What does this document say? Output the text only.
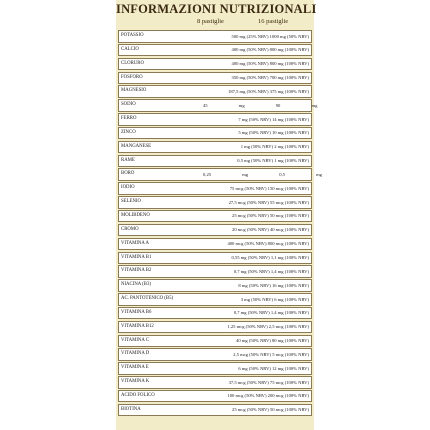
INFORMAZIONI NUTRIZIONALI
8 pastiglie	16 pastiglie
POTASSIO	500 mg (25% NRV) 1000 mg (50% NRV)
CALCIO	400 mg (50% NRV) 800 mg (100% NRV)
CLORURO	400 mg (50% NRV) 800 mg (100% NRV)
FOSFORO	350 mg (50% NRV) 700 mg (100% NRV)
MAGNESIO	187,5 mg (50% NRV) 375 mg (100% NRV)
SODIO	45 mg 90 mg
FERRO	7 mg (50% NRV) 14 mg (100% NRV)
ZINCO	5 mg (50% NRV) 10 mg (100% NRV)
MANGANESE	1 mg (50% NRV) 2 mg (100% NRV)
RAME	0,5 mg (50% NRV) 1 mg (100% NRV)
BORO	0,25 mg 0,5 mg
IODIO	75 mcg (50% NRV) 150 mcg (100% NRV)
SELENIO	27,5 mcg (50% NRV) 55 mcg (100% NRV)
MOLIBDENO	25 mcg (50% NRV) 50 mcg (100% NRV)
CROMO	20 mcg (50% NRV) 40 mcg (100% NRV)
VITAMINA A	400 mcg (50% NRV) 800 mcg (100% NRV)
VITAMINA B1	0,55 mg (50% NRV) 1,1 mg (100% NRV)
VITAMINA B2	0,7 mg (50% NRV) 1,4 mg (100% NRV)
NIACINA (B3)	8 mg (50% NRV) 16 mg (100% NRV)
AC. PANTOTENICO (B5)	3 mg (50% NRV) 6 mg (100% NRV)
VITAMINA B6	0,7 mg (50% NRV) 1,4 mg (100% NRV)
VITAMINA B12	1,25 mcg (50% NRV) 2,5 mcg (100% NRV)
VITAMINA C	40 mg (50% NRV) 80 mg (100% NRV)
VITAMINA D	2,5 mcg (50% NRV) 5 mcg (100% NRV)
VITAMINA E	6 mg (50% NRV) 12 mg (100% NRV)
VITAMINA K	37,5 mcg (50% NRV) 75 mcg (100% NRV)
ACIDO FOLICO	100 mcg (50% NRV) 200 mcg (100% NRV)
BIOTINA	25 mcg (50% NRV) 50 mcg (100% NRV)
